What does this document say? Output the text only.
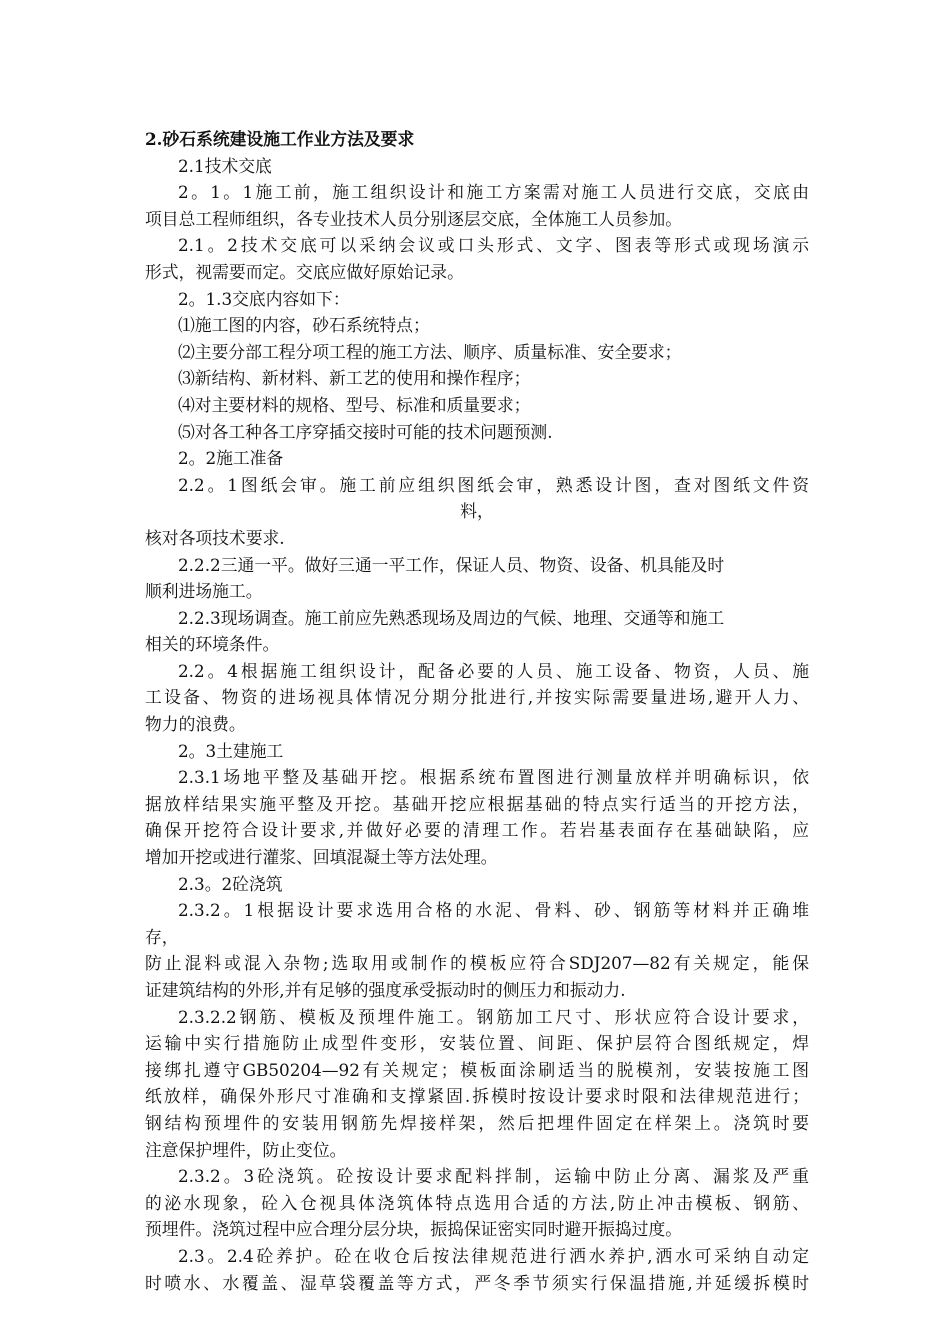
2.砂石系统建设施工作业方法及要求
2.1技术交底
2。1。1施工前，施工组织设计和施工方案需对施工人员进行交底，交底由
项目总工程师组织，各专业技术人员分别逐层交底，全体施工人员参加。
2.1。2技术交底可以采纳会议或口头形式、文字、图表等形式或现场演示
形式，视需要而定。交底应做好原始记录。
2。1.3交底内容如下：
⑴施工图的内容，砂石系统特点；
⑵主要分部工程分项工程的施工方法、顺序、质量标准、安全要求；
⑶新结构、新材料、新工艺的使用和操作程序；
⑷对主要材料的规格、型号、标准和质量要求；
⑸对各工种各工序穿插交接时可能的技术问题预测.
2。2施工准备
2.2。1图纸会审。施工前应组织图纸会审，熟悉设计图，查对图纸文件资
料，
核对各项技术要求.
2.2.2三通一平。做好三通一平工作，保证人员、物资、设备、机具能及时
顺利进场施工。
2.2.3现场调查。施工前应先熟悉现场及周边的气候、地理、交通等和施工
相关的环境条件。
2.2。4根据施工组织设计，配备必要的人员、施工设备、物资，人员、施
工设备、物资的进场视具体情况分期分批进行,并按实际需要量进场,避开人力、
物力的浪费。
2。3土建施工
2.3.1场地平整及基础开挖。根据系统布置图进行测量放样并明确标识，依
据放样结果实施平整及开挖。基础开挖应根据基础的特点实行适当的开挖方法，
确保开挖符合设计要求,并做好必要的清理工作。若岩基表面存在基础缺陷，应
增加开挖或进行灌浆、回填混凝土等方法处理。
2.3。2砼浇筑
2.3.2。1根据设计要求选用合格的水泥、骨料、砂、钢筋等材料并正确堆
存，
防止混料或混入杂物;选取用或制作的模板应符合SDJ207—82有关规定，能保
证建筑结构的外形,并有足够的强度承受振动时的侧压力和振动力.
2.3.2.2钢筋、模板及预埋件施工。钢筋加工尺寸、形状应符合设计要求，
运输中实行措施防止成型件变形，安装位置、间距、保护层符合图纸规定，焊
接绑扎遵守GB50204—92有关规定；模板面涂刷适当的脱模剂，安装按施工图
纸放样，确保外形尺寸准确和支撑紧固.拆模时按设计要求时限和法律规范进行；
钢结构预埋件的安装用钢筋先焊接样架，然后把埋件固定在样架上。浇筑时要
注意保护埋件，防止变位。
2.3.2。3砼浇筑。砼按设计要求配料拌制，运输中防止分离、漏浆及严重
的泌水现象，砼入仓视具体浇筑体特点选用合适的方法,防止冲击模板、钢筋、
预埋件。浇筑过程中应合理分层分块，振捣保证密实同时避开振捣过度。
2.3。2.4砼养护。砼在收仓后按法律规范进行洒水养护,洒水可采纳自动定
时喷水、水覆盖、湿草袋覆盖等方式，严冬季节须实行保温措施,并延缓拆模时
